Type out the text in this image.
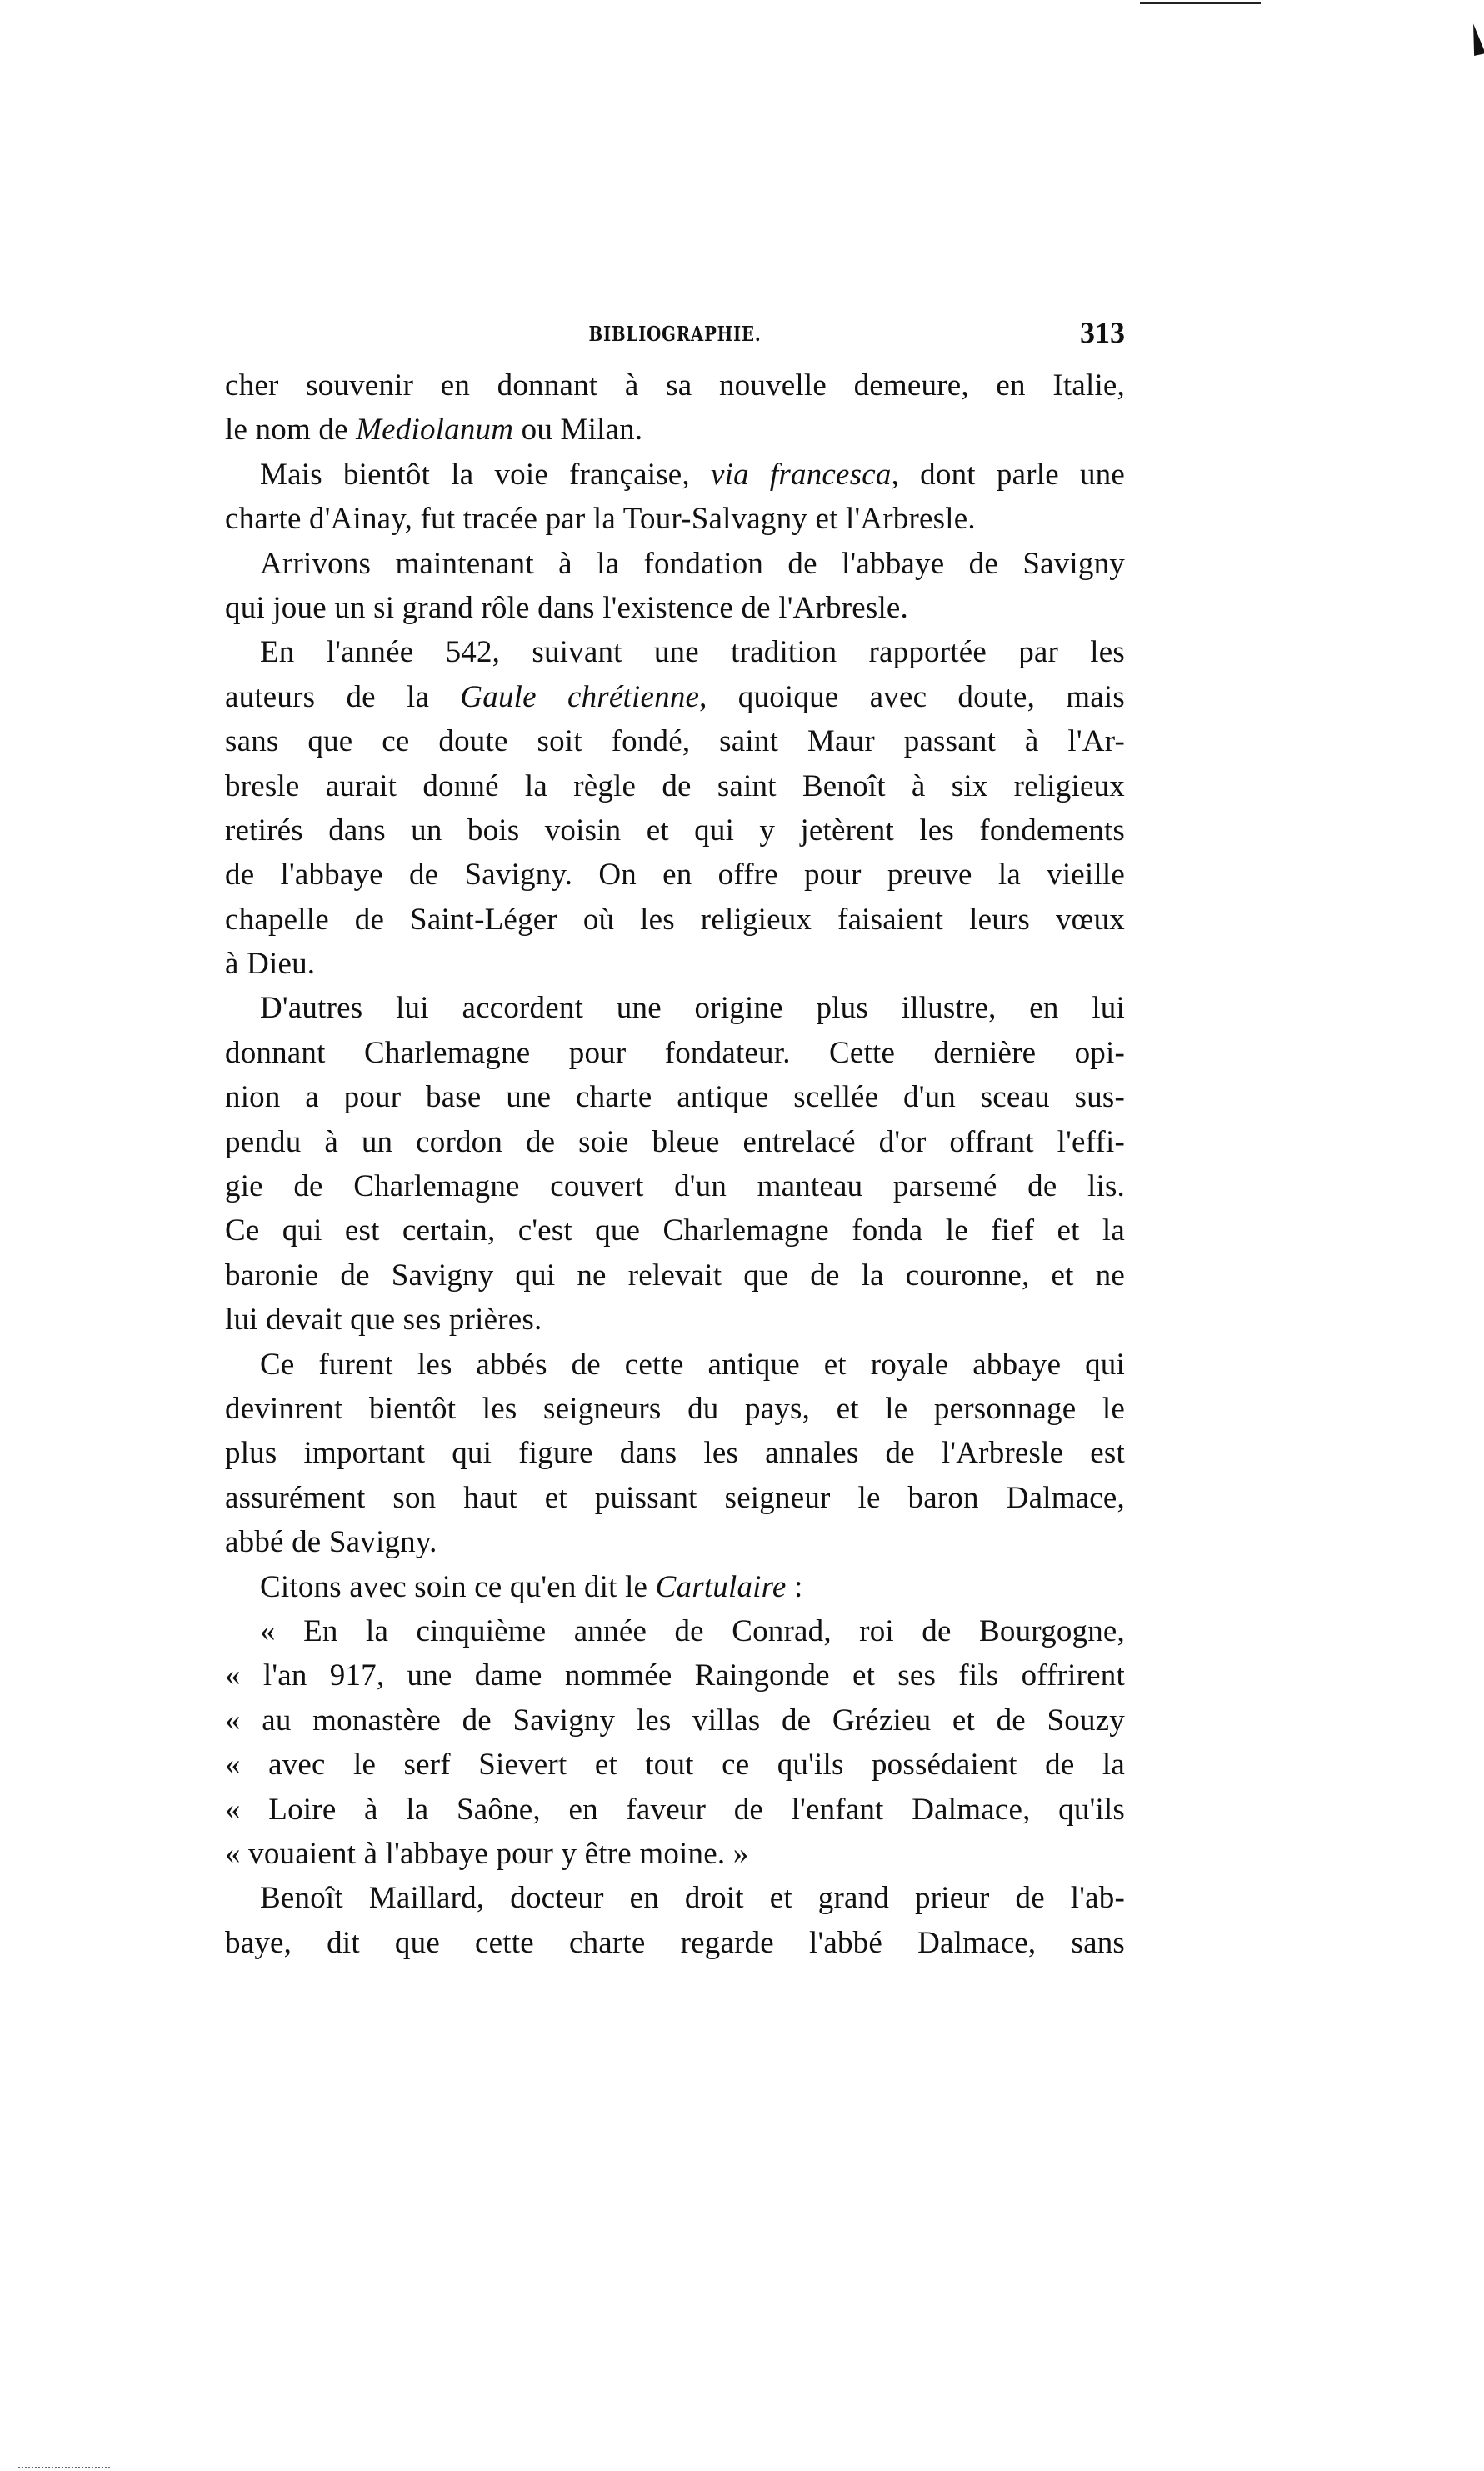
BIBLIOGRAPHIE.	313
cher souvenir en donnant à sa nouvelle demeure, en Italie,
le nom de Mediolanum ou Milan.
Mais bientôt la voie française, via francesca, dont parle une
charte d'Ainay, fut tracée par la Tour-Salvagny et l'Arbresle.
Arrivons maintenant à la fondation de l'abbaye de Savigny
qui joue un si grand rôle dans l'existence de l'Arbresle.
En l'année 542, suivant une tradition rapportée par les
auteurs de la Gaule chrétienne, quoique avec doute, mais
sans que ce doute soit fondé, saint Maur passant à l'Ar-
bresle aurait donné la règle de saint Benoît à six religieux
retirés dans un bois voisin et qui y jetèrent les fondements
de l'abbaye de Savigny. On en offre pour preuve la vieille
chapelle de Saint-Léger où les religieux faisaient leurs vœux
à Dieu.
D'autres lui accordent une origine plus illustre, en lui
donnant Charlemagne pour fondateur. Cette dernière opi-
nion a pour base une charte antique scellée d'un sceau sus-
pendu à un cordon de soie bleue entrelacé d'or offrant l'effi-
gie de Charlemagne couvert d'un manteau parsemé de lis.
Ce qui est certain, c'est que Charlemagne fonda le fief et la
baronie de Savigny qui ne relevait que de la couronne, et ne
lui devait que ses prières.
Ce furent les abbés de cette antique et royale abbaye qui
devinrent bientôt les seigneurs du pays, et le personnage le
plus important qui figure dans les annales de l'Arbresle est
assurément son haut et puissant seigneur le baron Dalmace,
abbé de Savigny.
Citons avec soin ce qu'en dit le Cartulaire :
« En la cinquième année de Conrad, roi de Bourgogne,
« l'an 917, une dame nommée Raingonde et ses fils offrirent
« au monastère de Savigny les villas de Grézieu et de Souzy
« avec le serf Sievert et tout ce qu'ils possédaient de la
« Loire à la Saône, en faveur de l'enfant Dalmace, qu'ils
« vouaient à l'abbaye pour y être moine. »
Benoît Maillard, docteur en droit et grand prieur de l'ab-
baye, dit que cette charte regarde l'abbé Dalmace, sans
